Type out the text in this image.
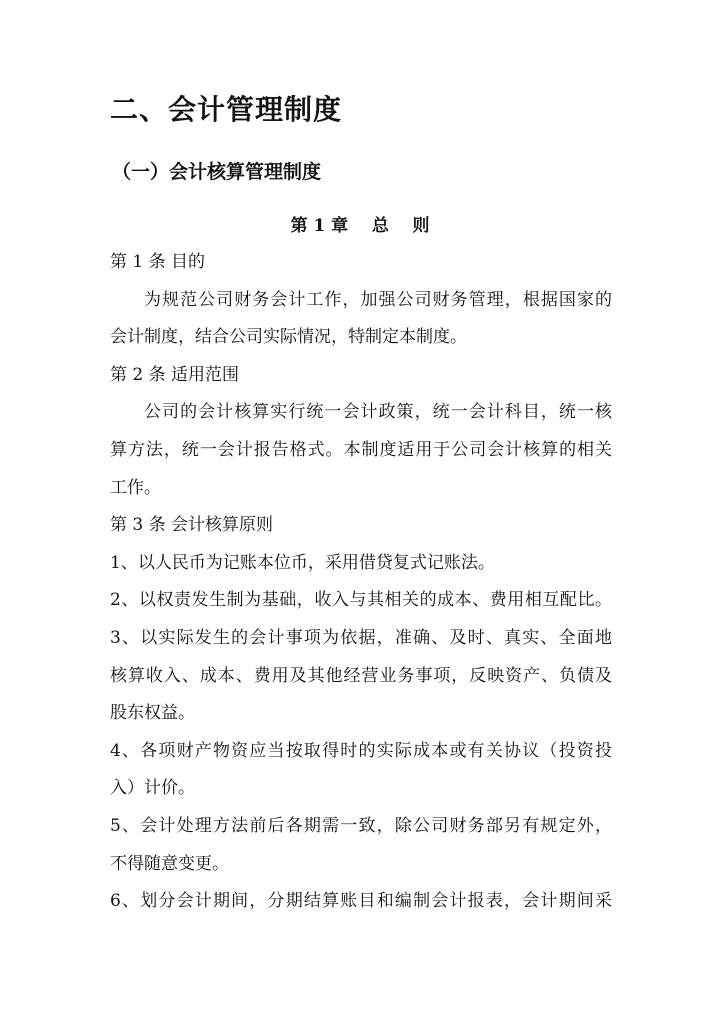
二、会计管理制度
（一）会计核算管理制度
第 1 章    总    则
第 1 条 目的
为规范公司财务会计工作，加强公司财务管理，根据国家的
会计制度，结合公司实际情况，特制定本制度。
第 2 条 适用范围
公司的会计核算实行统一会计政策，统一会计科目，统一核
算方法，统一会计报告格式。本制度适用于公司会计核算的相关
工作。
第 3 条 会计核算原则
1、以人民币为记账本位币，采用借贷复式记账法。
2、以权责发生制为基础，收入与其相关的成本、费用相互配比。
3、以实际发生的会计事项为依据，准确、及时、真实、全面地
核算收入、成本、费用及其他经营业务事项，反映资产、负债及
股东权益。
4、各项财产物资应当按取得时的实际成本或有关协议（投资投
入）计价。
5、会计处理方法前后各期需一致，除公司财务部另有规定外，
不得随意变更。
6、划分会计期间，分期结算账目和编制会计报表，会计期间采
